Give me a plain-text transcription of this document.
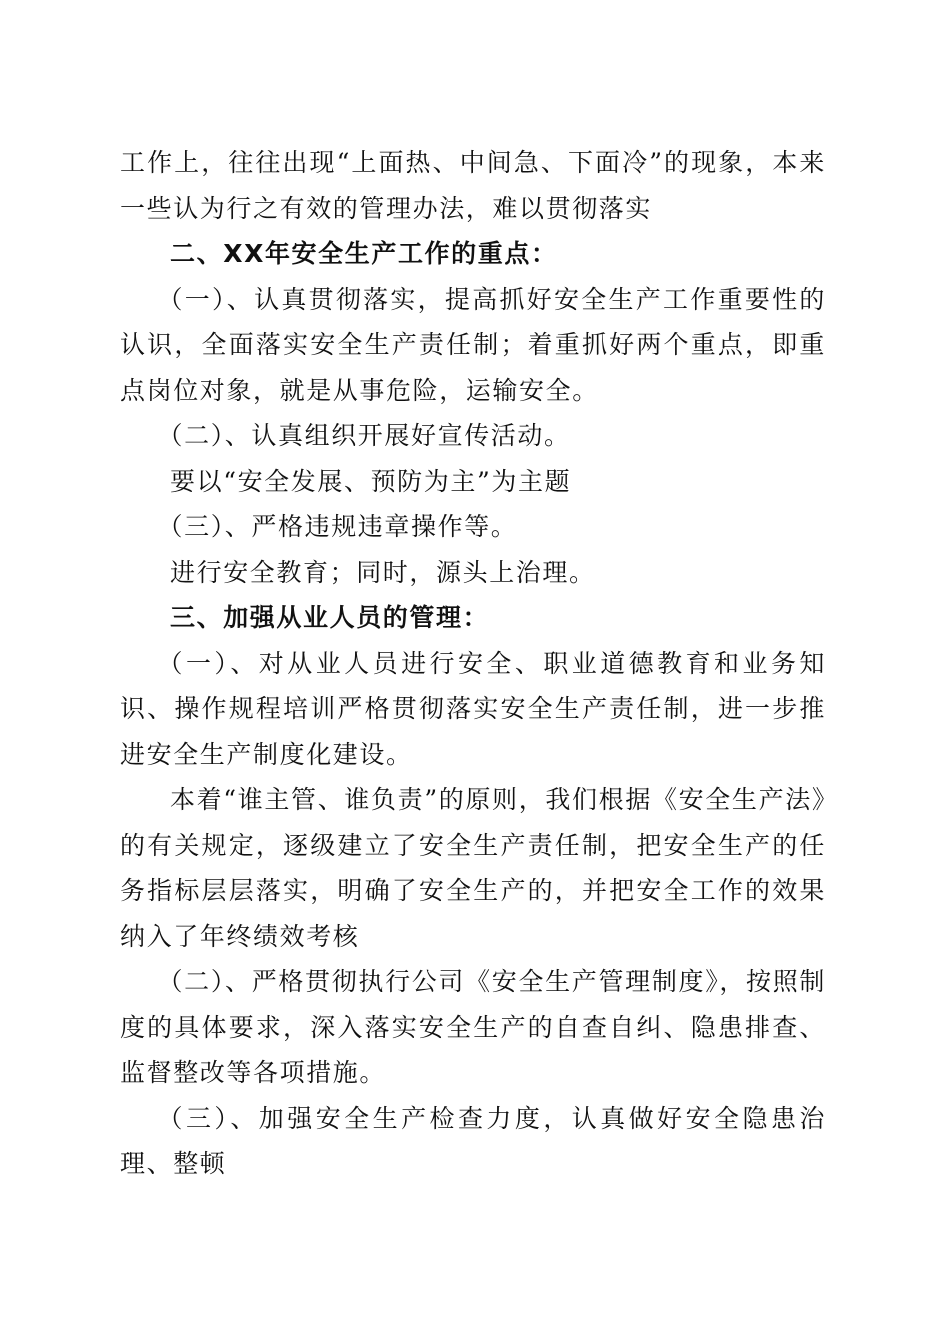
工作上，往往出现“上面热、中间急、下面冷”的现象，本来一些认为行之有效的管理办法，难以贯彻落实

二、XX年安全生产工作的重点：

（一）、认真贯彻落实，提高抓好安全生产工作重要性的认识，全面落实安全生产责任制；着重抓好两个重点，即重点岗位对象，就是从事危险，运输安全。

（二）、认真组织开展好宣传活动。

要以“安全发展、预防为主”为主题

（三）、严格违规违章操作等。

进行安全教育；同时，源头上治理。

三、加强从业人员的管理：

（一）、对从业人员进行安全、职业道德教育和业务知识、操作规程培训严格贯彻落实安全生产责任制，进一步推进安全生产制度化建设。

本着“谁主管、谁负责”的原则，我们根据《安全生产法》的有关规定，逐级建立了安全生产责任制，把安全生产的任务指标层层落实，明确了安全生产的，并把安全工作的效果纳入了年终绩效考核

（二）、严格贯彻执行公司《安全生产管理制度》，按照制度的具体要求，深入落实安全生产的自查自纠、隐患排查、监督整改等各项措施。

（三）、加强安全生产检查力度，认真做好安全隐患治理、整顿
